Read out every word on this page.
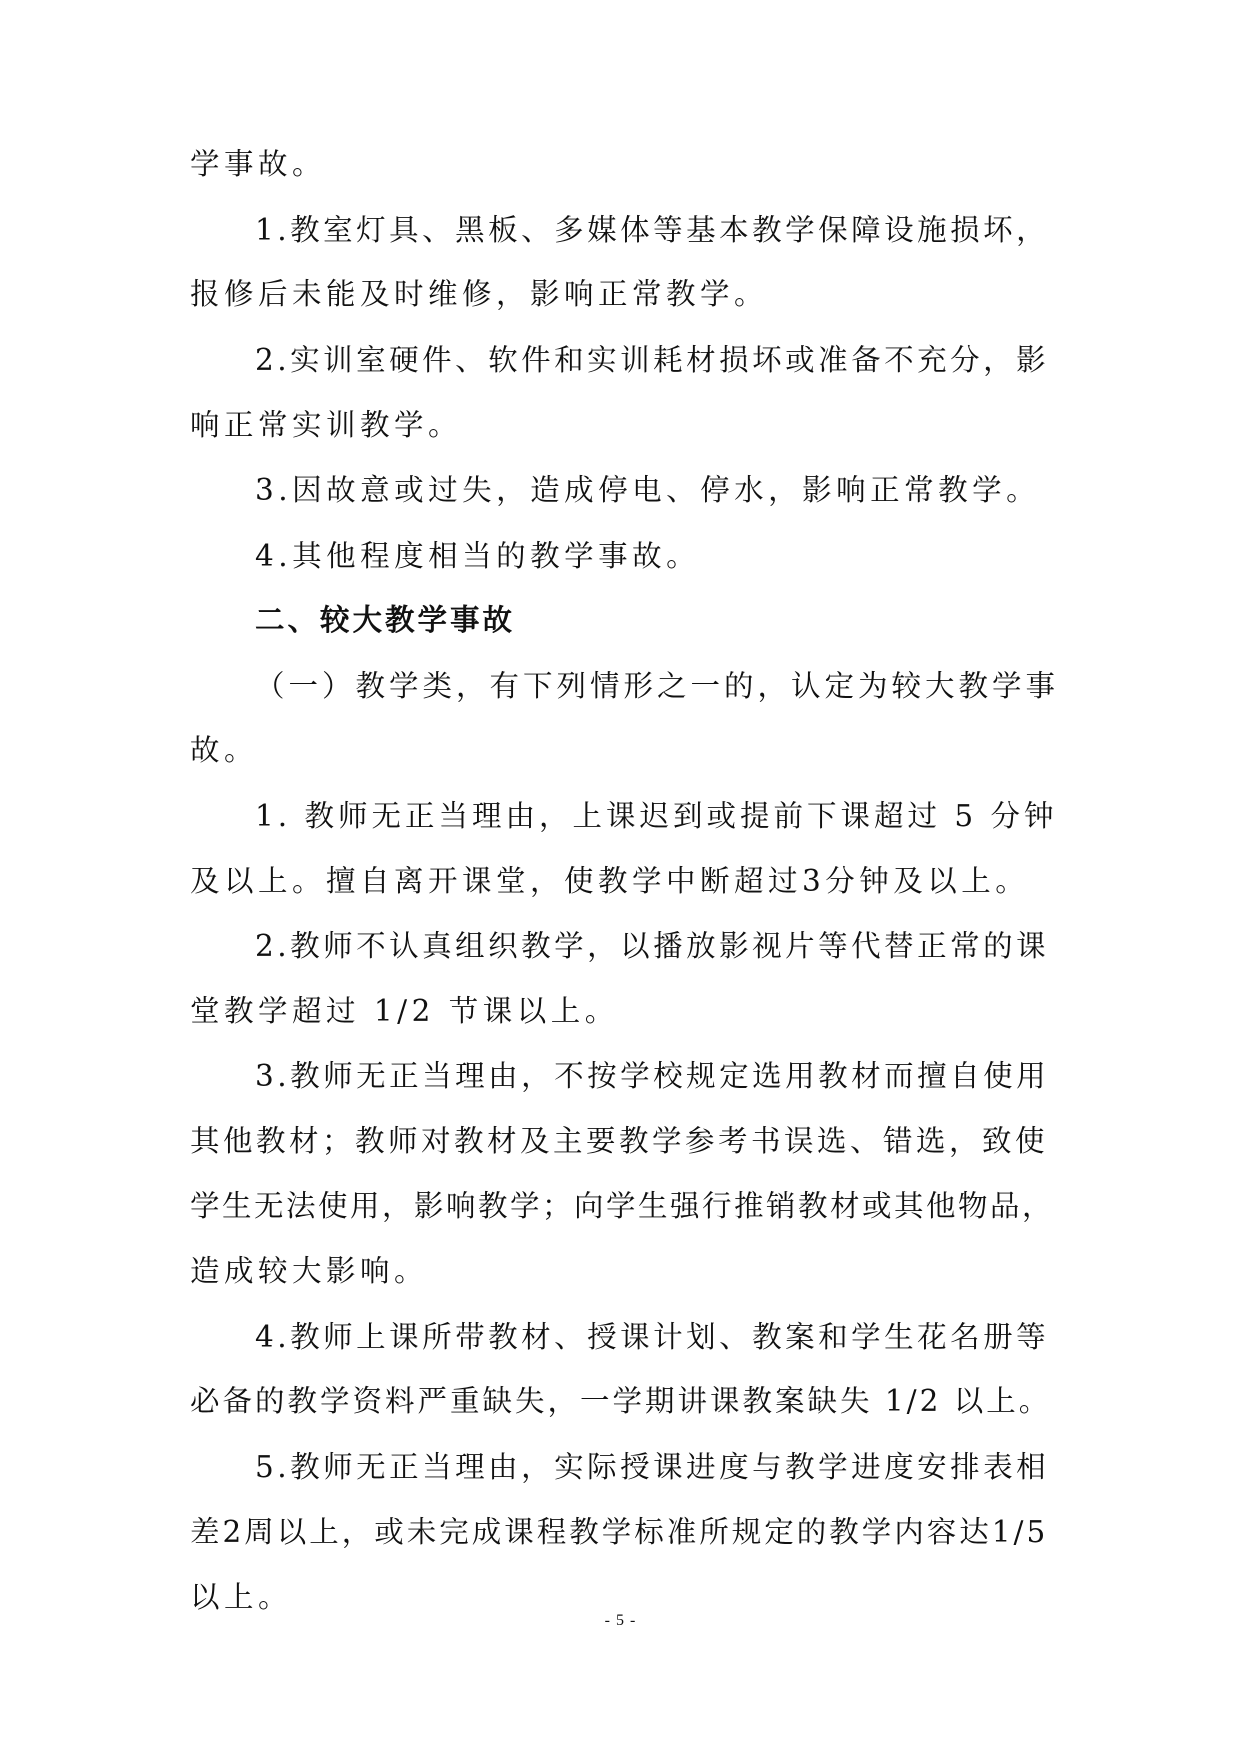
学事故。
1.教室灯具、黑板、多媒体等基本教学保障设施损坏，
报修后未能及时维修，影响正常教学。
2.实训室硬件、软件和实训耗材损坏或准备不充分，影
响正常实训教学。
3.因故意或过失，造成停电、停水，影响正常教学。
4.其他程度相当的教学事故。
二、较大教学事故
（一）教学类，有下列情形之一的，认定为较大教学事
故。
1. 教师无正当理由，上课迟到或提前下课超过 5 分钟
及以上。擅自离开课堂，使教学中断超过3分钟及以上。
2.教师不认真组织教学，以播放影视片等代替正常的课
堂教学超过 1/2 节课以上。
3.教师无正当理由，不按学校规定选用教材而擅自使用
其他教材；教师对教材及主要教学参考书误选、错选，致使
学生无法使用，影响教学；向学生强行推销教材或其他物品，
造成较大影响。
4.教师上课所带教材、授课计划、教案和学生花名册等
必备的教学资料严重缺失，一学期讲课教案缺失 1/2 以上。
5.教师无正当理由，实际授课进度与教学进度安排表相
差2周以上，或未完成课程教学标准所规定的教学内容达1/5
以上。
- 5 -
